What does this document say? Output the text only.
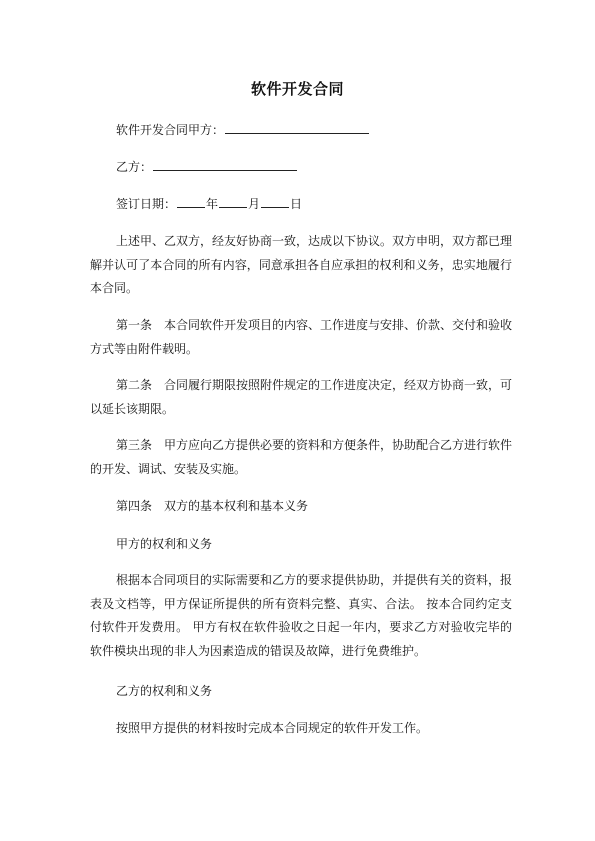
软件开发合同
软件开发合同甲方：
乙方：
签订日期：	年	月	日
上述甲、乙双方，经友好协商一致，达成以下协议。双方申明，双方都已理解并认可了本合同的所有内容，同意承担各自应承担的权利和义务，忠实地履行本合同。
第一条　本合同软件开发项目的内容、工作进度与安排、价款、交付和验收方式等由附件载明。
第二条　合同履行期限按照附件规定的工作进度决定，经双方协商一致，可以延长该期限。
第三条　甲方应向乙方提供必要的资料和方便条件，协助配合乙方进行软件的开发、调试、安装及实施。
第四条　双方的基本权利和基本义务
甲方的权利和义务
根据本合同项目的实际需要和乙方的要求提供协助，并提供有关的资料，报表及文档等，甲方保证所提供的所有资料完整、真实、合法。 按本合同约定支付软件开发费用。 甲方有权在软件验收之日起一年内，要求乙方对验收完毕的软件模块出现的非人为因素造成的错误及故障，进行免费维护。
乙方的权利和义务
按照甲方提供的材料按时完成本合同规定的软件开发工作。
